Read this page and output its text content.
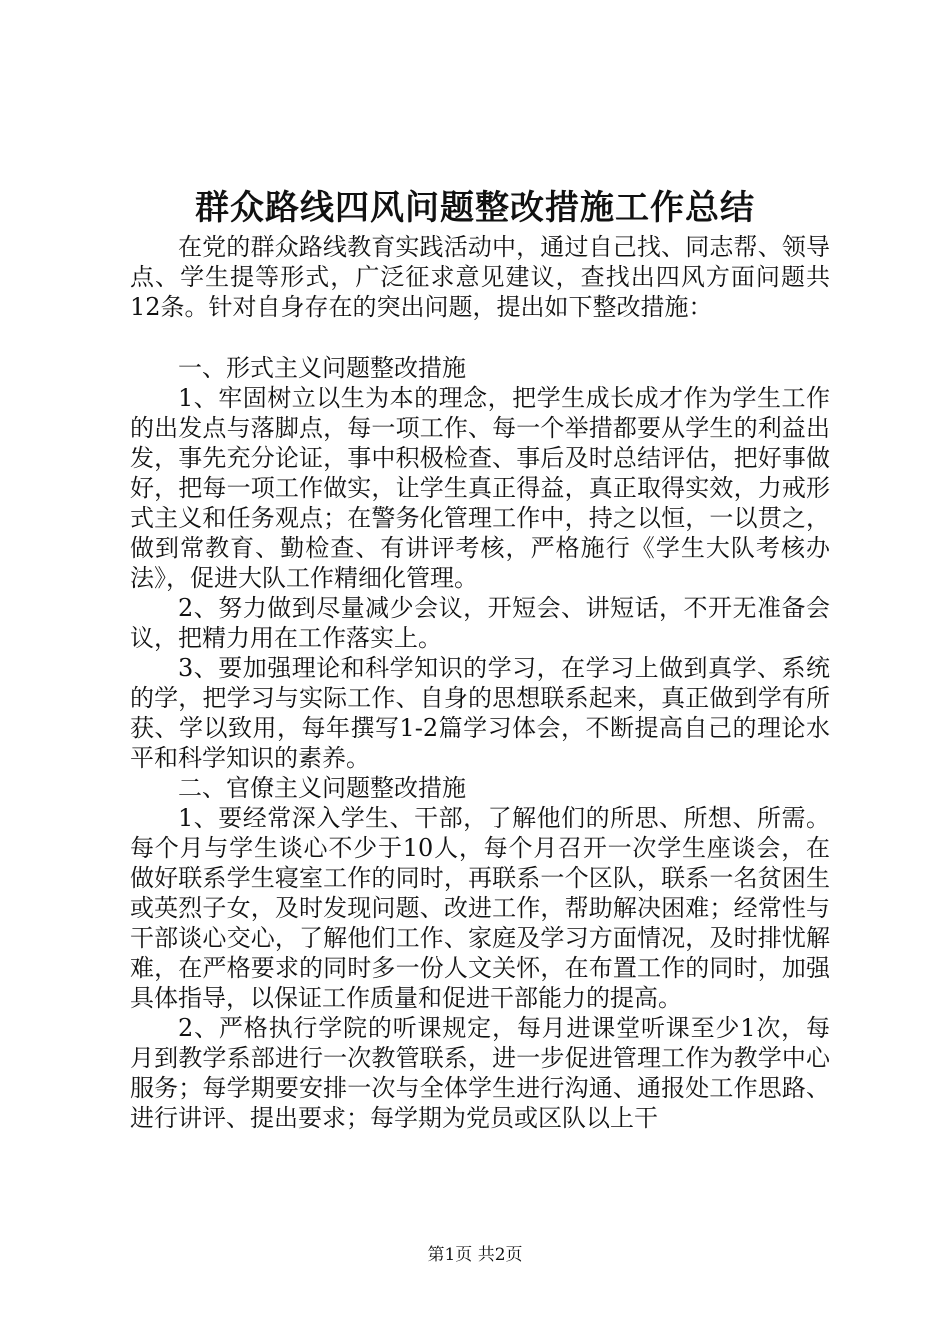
群众路线四风问题整改措施工作总结

在党的群众路线教育实践活动中，通过自己找、同志帮、领导点、学生提等形式，广泛征求意见建议，查找出四风方面问题共12条。针对自身存在的突出问题，提出如下整改措施：

一、形式主义问题整改措施

1、牢固树立以生为本的理念，把学生成长成才作为学生工作的出发点与落脚点，每一项工作、每一个举措都要从学生的利益出发，事先充分论证，事中积极检查、事后及时总结评估，把好事做好，把每一项工作做实，让学生真正得益，真正取得实效，力戒形式主义和任务观点；在警务化管理工作中，持之以恒，一以贯之，做到常教育、勤检查、有讲评考核，严格施行《学生大队考核办法》，促进大队工作精细化管理。

2、努力做到尽量减少会议，开短会、讲短话，不开无准备会议，把精力用在工作落实上。

3、要加强理论和科学知识的学习，在学习上做到真学、系统的学，把学习与实际工作、自身的思想联系起来，真正做到学有所获、学以致用，每年撰写1-2篇学习体会，不断提高自己的理论水平和科学知识的素养。

二、官僚主义问题整改措施

1、要经常深入学生、干部，了解他们的所思、所想、所需。每个月与学生谈心不少于10人，每个月召开一次学生座谈会，在做好联系学生寝室工作的同时，再联系一个区队，联系一名贫困生或英烈子女，及时发现问题、改进工作，帮助解决困难；经常性与干部谈心交心，了解他们工作、家庭及学习方面情况，及时排忧解难，在严格要求的同时多一份人文关怀，在布置工作的同时，加强具体指导，以保证工作质量和促进干部能力的提高。

2、严格执行学院的听课规定，每月进课堂听课至少1次，每月到教学系部进行一次教管联系，进一步促进管理工作为教学中心服务；每学期要安排一次与全体学生进行沟通、通报处工作思路、进行讲评、提出要求；每学期为党员或区队以上干

第1页 共2页
